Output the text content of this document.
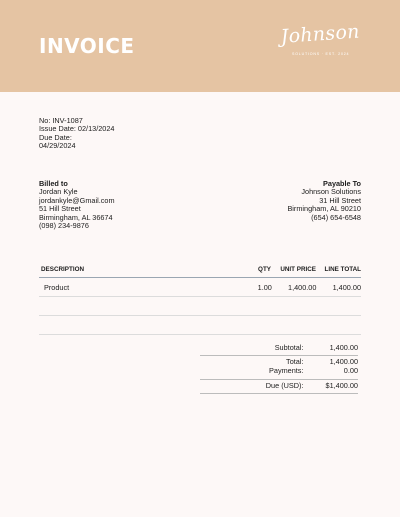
INVOICE	Johnson
SOLUTIONS · EST. 2024
No: INV-1087
Issue Date: 02/13/2024
Due Date:
04/29/2024
Billed to
Jordan Kyle
jordankyle@Gmail.com
51 Hill Street
Birmingham, AL 36674
(098) 234-9876
Payable To
Johnson Solutions
31 Hill Street
Birmingham, AL 90210
(654) 654-6548
DESCRIPTION	QTY	UNIT PRICE	LINE TOTAL
Product	1.00	1,400.00	1,400.00
Subtotal:	1,400.00
Total:	1,400.00
Payments:	0.00
Due (USD):	$1,400.00
